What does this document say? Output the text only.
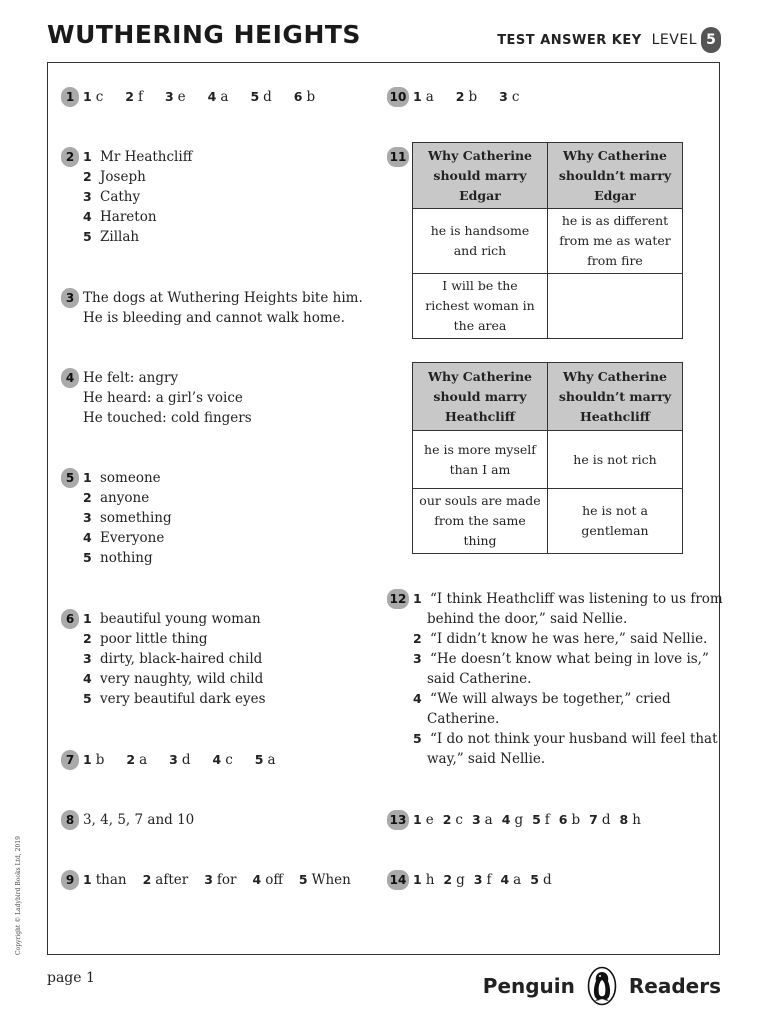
WUTHERING HEIGHTS	TEST ANSWER KEY LEVEL 5
1 1 c 2 f 3 e 4 a 5 d 6 b
2 1 Mr Heathcliff
2 Joseph
3 Cathy
4 Hareton
5 Zillah
3 The dogs at Wuthering Heights bite him.
He is bleeding and cannot walk home.
4 He felt: angry
He heard: a girl’s voice
He touched: cold fingers
5 1 someone
2 anyone
3 something
4 Everyone
5 nothing
6 1 beautiful young woman
2 poor little thing
3 dirty, black-haired child
4 very naughty, wild child
5 very beautiful dark eyes
7 1 b 2 a 3 d 4 c 5 a
8 3, 4, 5, 7 and 10
9 1 than 2 after 3 for 4 off 5 When
10 1 a 2 b 3 c
11 Why Catherine should marry Edgar	Why Catherine shouldn’t marry Edgar
he is handsome and rich	he is as different from me as water from fire
I will be the richest woman in the area	
Why Catherine should marry Heathcliff	Why Catherine shouldn’t marry Heathcliff
he is more myself than I am	he is not rich
our souls are made from the same thing	he is not a gentleman
12 1 “I think Heathcliff was listening to us from
behind the door,” said Nellie.
2 “I didn’t know he was here,” said Nellie.
3 “He doesn’t know what being in love is,”
said Catherine.
4 “We will always be together,” cried
Catherine.
5 “I do not think your husband will feel that
way,” said Nellie.
13 1 e 2 c 3 a 4 g 5 f 6 b 7 d 8 h
14 1 h 2 g 3 f 4 a 5 d
Copyright © Ladybird Books Ltd, 2019
page 1	Penguin	Readers
